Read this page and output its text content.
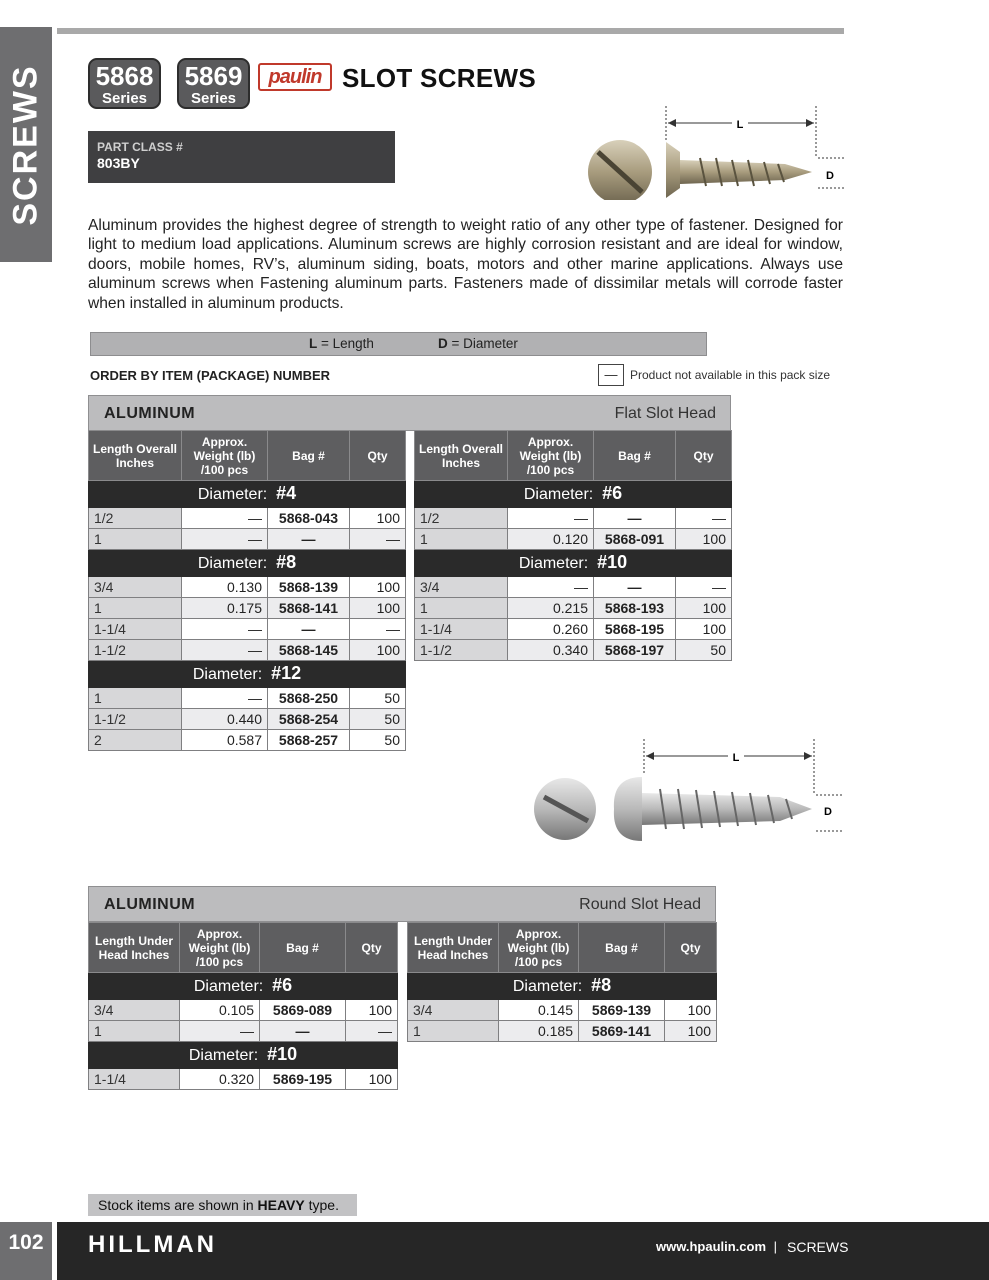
SCREWS 5868
Series
5869
Series
paulin SLOT SCREWS
PART CLASS #
803BY
L
D

Aluminum provides the highest degree of strength to weight ratio of any other type of fastener. Designed for light to medium load applications. Aluminum screws are highly corrosion resistant and are ideal for window, doors, mobile homes, RV’s, aluminum siding, boats, motors and other marine applications. Always use aluminum screws when Fastening aluminum parts. Fasteners made of dissimilar metals will corrode faster when installed in aluminum products.

L = Length	D = Diameter
ORDER BY ITEM (PACKAGE) NUMBER	—	Product not available in this pack size
ALUMINUM	Flat Slot Head
Length Overall Inches	Approx. Weight (lb) /100 pcs	Bag #	Qty
Diameter: #4			
1/2	—	5868-043	100
1	—	—	—
Diameter: #8			
3/4	0.130	5868-139	100
1	0.175	5868-141	100
1-1/4	—	—	—
1-1/2	—	5868-145	100
Diameter: #12			
1	—	5868-250	50
1-1/2	0.440	5868-254	50
2	0.587	5868-257	50
Length Overall Inches	Approx. Weight (lb) /100 pcs	Bag #	Qty
Diameter: #6			
1/2	—	—	—
1	0.120	5868-091	100
Diameter: #10			
3/4	—	—	—
1	0.215	5868-193	100
1-1/4	0.260	5868-195	100
1-1/2	0.340	5868-197	50
L
D
ALUMINUM	Round Slot Head
Length Under Head Inches	Approx. Weight (lb) /100 pcs	Bag #	Qty
Diameter: #6			
3/4	0.105	5869-089	100
1	—	—	—
Diameter: #10			
1-1/4	0.320	5869-195	100
Length Under Head Inches	Approx. Weight (lb) /100 pcs	Bag #	Qty
Diameter: #8			
3/4	0.145	5869-139	100
1	0.185	5869-141	100
Stock items are shown in HEAVY type.
102	HILLMAN	www.hpaulin.com | SCREWS
